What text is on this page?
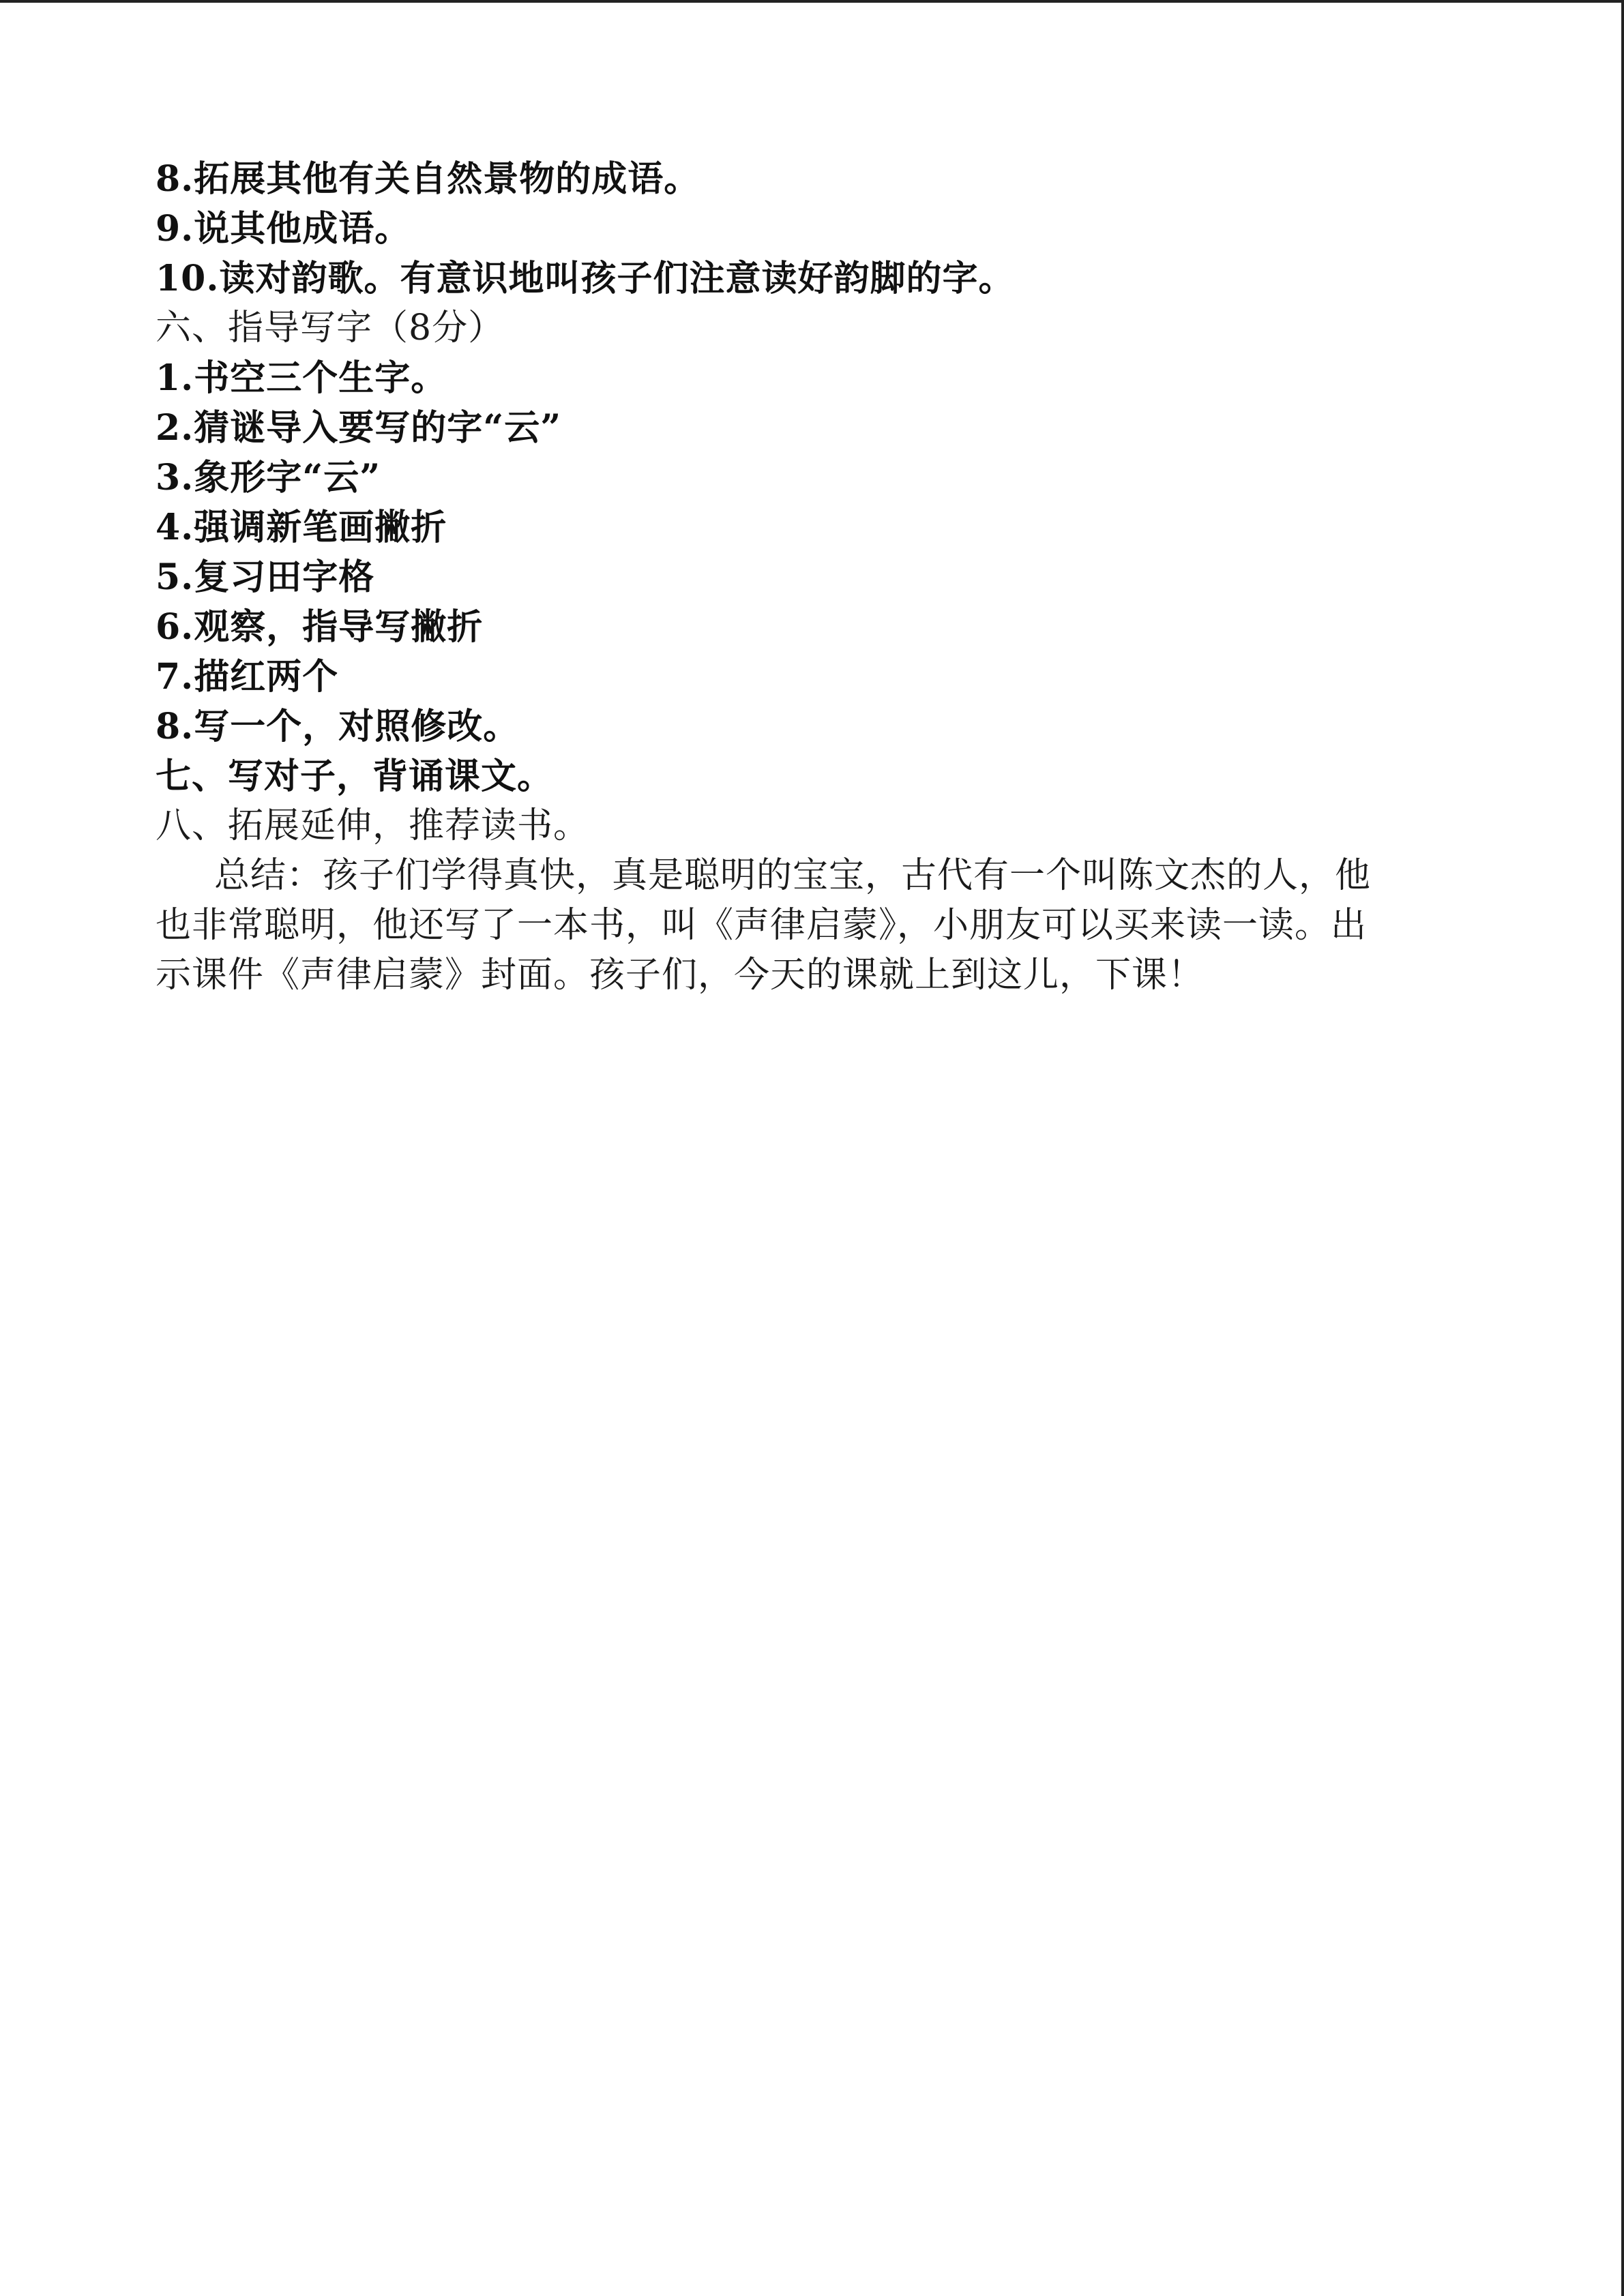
8.拓展其他有关自然景物的成语。
9.说其他成语。
10.读对韵歌。有意识地叫孩子们注意读好韵脚的字。
六、指导写字（8分）
1.书空三个生字。
2.猜谜导入要写的字“云”
3.象形字“云”
4.强调新笔画撇折
5.复习田字格
6.观察，指导写撇折
7.描红两个
8.写一个，对照修改。
七、写对子，背诵课文。
八、拓展延伸，推荐读书。
总结：孩子们学得真快，真是聪明的宝宝，古代有一个叫陈文杰的人，他
也非常聪明，他还写了一本书，叫《声律启蒙》，小朋友可以买来读一读。出
示课件《声律启蒙》封面。孩子们，今天的课就上到这儿，下课！
